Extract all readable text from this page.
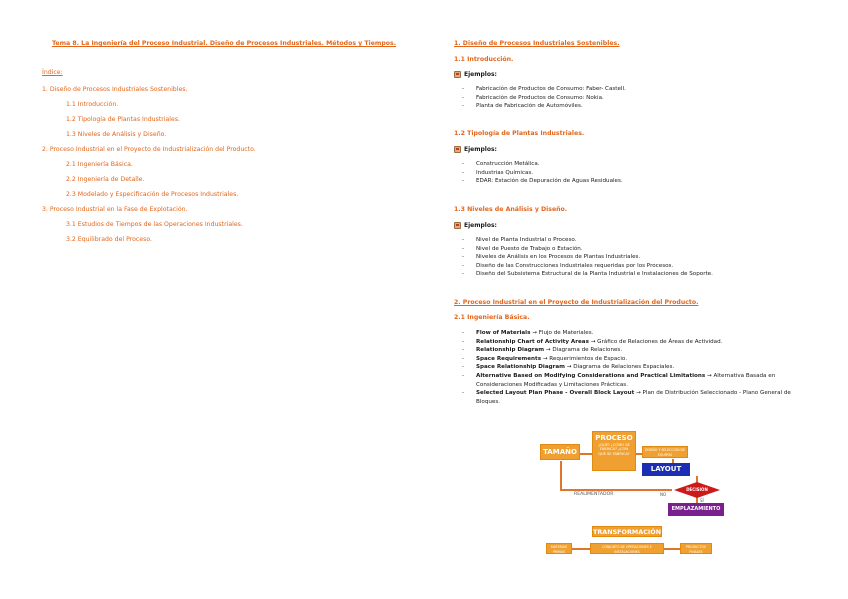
Tema 8. La Ingeniería del Proceso Industrial. Diseño de Procesos Industriales. Métodos y Tiempos.
Índice:
1. Diseño de Procesos Industriales Sostenibles.
1.1 Introducción.
1.2 Tipología de Plantas Industriales.
1.3 Niveles de Análisis y Diseño.
2. Proceso Industrial en el Proyecto de Industrialización del Producto.
2.1 Ingeniería Básica.
2.2 Ingeniería de Detalle.
2.3 Modelado y Especificación de Procesos Industriales.
3. Proceso Industrial en la Fase de Explotación.
3.1 Estudios de Tiempos de las Operaciones Industriales.
3.2 Equilibrado del Proceso.
1. Diseño de Procesos Industriales Sostenibles.
1.1 Introducción.
Ejemplos:
- Fabricación de Productos de Consumo: Faber- Castell.
- Fabricación de Productos de Consumo: Nokia.
- Planta de Fabricación de Automóviles.
1.2 Tipología de Plantas Industriales.
Ejemplos:
- Construcción Metálica.
- Industrias Químicas.
- EDAR: Estación de Depuración de Aguas Residuales.
1.3 Niveles de Análisis y Diseño.
Ejemplos:
- Nivel de Planta Industrial o Proceso.
- Nivel de Puesto de Trabajo o Estación.
- Niveles de Análisis en los Procesos de Plantas Industriales.
- Diseño de las Construcciones Industriales requeridas por los Procesos.
- Diseño del Subsistema Estructural de la Planta Industrial e Instalaciones de Soporte.
2. Proceso Industrial en el Proyecto de Industrialización del Producto.
2.1 Ingeniería Básica.
- Flow of Materials → Flujo de Materiales.
- Relationship Chart of Activity Areas → Gráfico de Relaciones de Áreas de Actividad.
- Relationship Diagram → Diagrama de Relaciones.
- Space Requirements → Requerimientos de Espacio.
- Space Relationship Diagram → Diagrama de Relaciones Espaciales.
- Alternative Based on Modifying Considerations and Practical Limitations → Alternativa Basada en Consideraciones Modificadas y Limitaciones Prácticas.
- Selected Layout Plan Phase - Overall Block Layout → Plan de Distribución Seleccionado - Plano General de Bloques.
TAMAÑO
PROCESO
¿QUÉ? ¿CÓMO SE FABRICA? ¿CON QUÉ SE FABRICA?
DISEÑO Y SELECCIÓN DE EQUIPOS
LAYOUT
DECISIÓN
REALIMENTADOR	NO
SÍ
EMPLAZAMIENTO
TRANSFORMACIÓN
MATERIAS PRIMAS
CONJUNTO DE OPERACIONES E INSTALACIONES
PRODUCTOS FINALES
